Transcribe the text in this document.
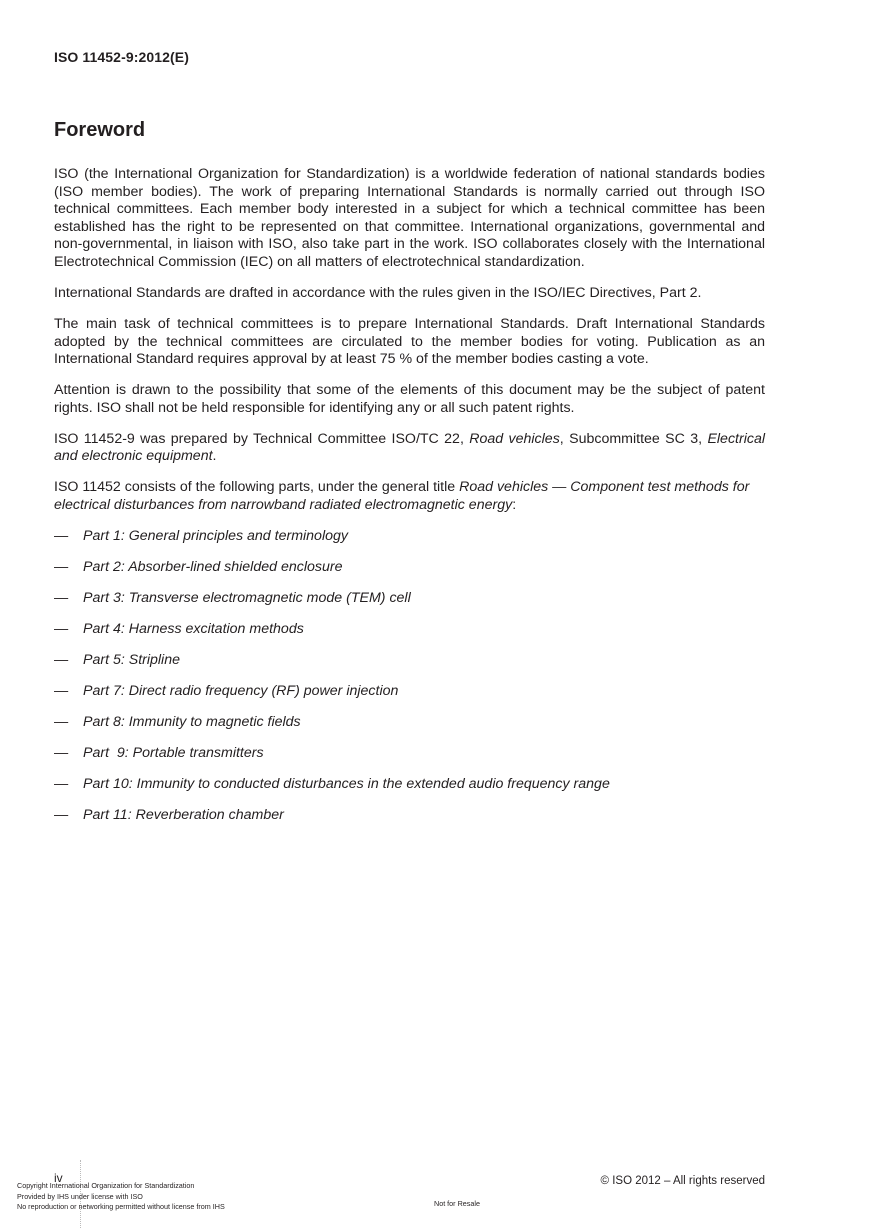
ISO 11452-9:2012(E)
Foreword

ISO (the International Organization for Standardization) is a worldwide federation of national standards bodies (ISO member bodies). The work of preparing International Standards is normally carried out through ISO technical committees. Each member body interested in a subject for which a technical committee has been established has the right to be represented on that committee. International organizations, governmental and non-governmental, in liaison with ISO, also take part in the work. ISO collaborates closely with the International Electrotechnical Commission (IEC) on all matters of electrotechnical standardization.

International Standards are drafted in accordance with the rules given in the ISO/IEC Directives, Part 2.

The main task of technical committees is to prepare International Standards. Draft International Standards adopted by the technical committees are circulated to the member bodies for voting. Publication as an International Standard requires approval by at least 75 % of the member bodies casting a vote.

Attention is drawn to the possibility that some of the elements of this document may be the subject of patent rights. ISO shall not be held responsible for identifying any or all such patent rights.

ISO 11452-9 was prepared by Technical Committee ISO/TC 22, Road vehicles, Subcommittee SC 3, Electrical and electronic equipment.

ISO 11452 consists of the following parts, under the general title Road vehicles — Component test methods for electrical disturbances from narrowband radiated electromagnetic energy:

— Part 1: General principles and terminology
— Part 2: Absorber-lined shielded enclosure
— Part 3: Transverse electromagnetic mode (TEM) cell
— Part 4: Harness excitation methods
— Part 5: Stripline
— Part 7: Direct radio frequency (RF) power injection
— Part 8: Immunity to magnetic fields
— Part  9: Portable transmitters
— Part 10: Immunity to conducted disturbances in the extended audio frequency range
— Part 11: Reverberation chamber
iv
Copyright International Organization for Standardization
Provided by IHS under license with ISO
No reproduction or networking permitted without license from IHS	Not for Resale
© ISO 2012 – All rights reserved
